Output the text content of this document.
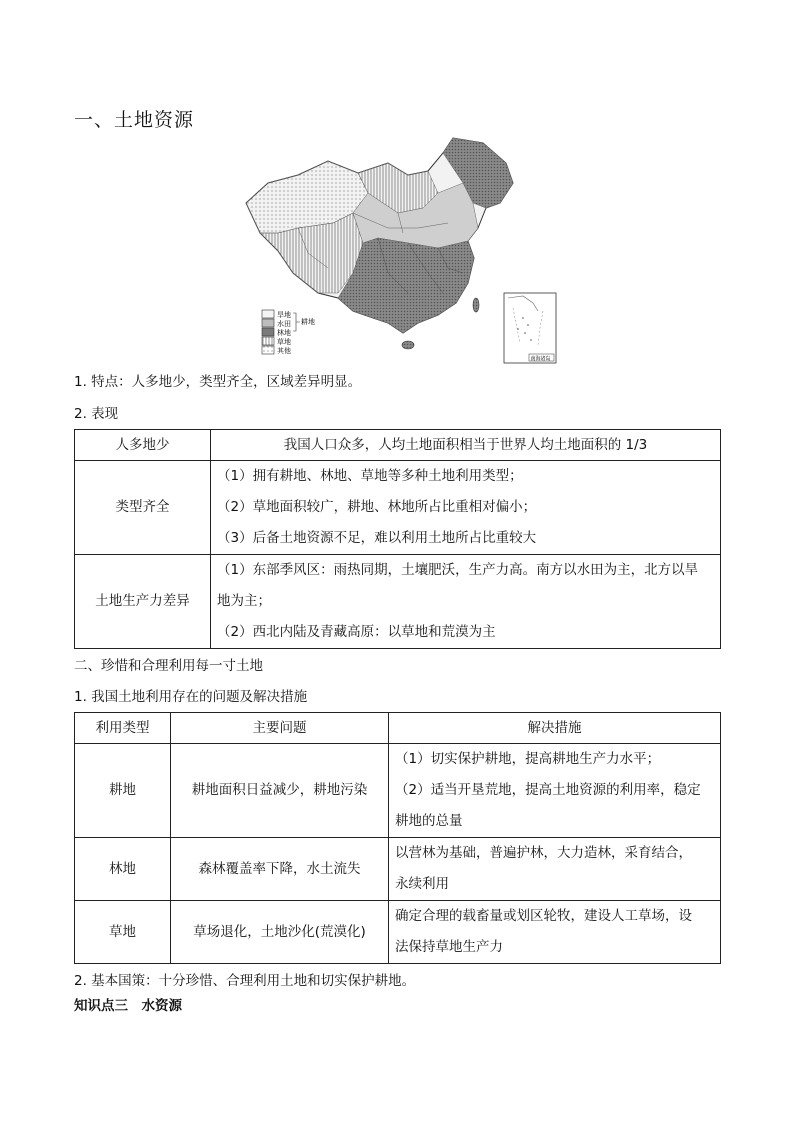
一、土地资源
旱地
水田
林地
草地
其他
耕地
南海诸岛
1. 特点：人多地少，类型齐全，区域差异明显。
2. 表现
人多地少	我国人口众多，人均土地面积相当于世界人均土地面积的 1/3
类型齐全	（1）拥有耕地、林地、草地等多种土地利用类型；
（2）草地面积较广，耕地、林地所占比重相对偏小；
（3）后备土地资源不足，难以利用土地所占比重较大

土地生产力差异	（1）东部季风区：雨热同期，土壤肥沃，生产力高。南方以水田为主，北方以旱
地为主；
（2）西北内陆及青藏高原：以草地和荒漠为主
二、珍惜和合理利用每一寸土地
1. 我国土地利用存在的问题及解决措施
利用类型	主要问题	解决措施
耕地	耕地面积日益减少，耕地污染	（1）切实保护耕地，提高耕地生产力水平；
（2）适当开垦荒地，提高土地资源的利用率，稳定
耕地的总量

林地	森林覆盖率下降，水土流失	以营林为基础，普遍护林，大力造林，采育结合，
永续利用

草地	草场退化，土地沙化(荒漠化)	确定合理的载畜量或划区轮牧，建设人工草场，设
法保持草地生产力
2. 基本国策：十分珍惜、合理利用土地和切实保护耕地。
知识点三　水资源
